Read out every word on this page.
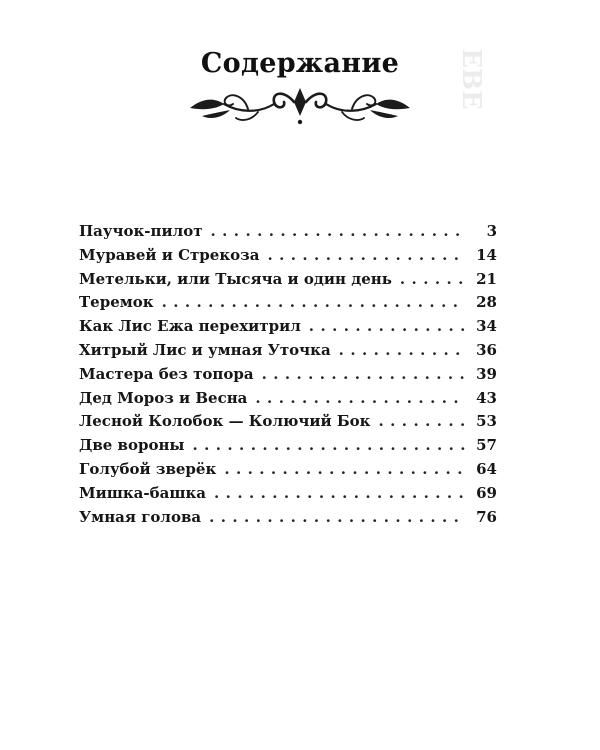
ЕВЕ
Содержание
Паучок-пилот . . .	3
Муравей и Стрекоза . . .	14
Метельки, или Тысяча и один день . . .	21
Теремок . . .	28
Как Лис Ежа перехитрил . . .	34
Хитрый Лис и умная Уточка . . .	36
Мастера без топора . . .	39
Дед Мороз и Весна . . .	43
Лесной Колобок — Колючий Бок . . .	53
Две вороны . . .	57
Голубой зверёк . . .	64
Мишка-башка . . .	69
Умная голова . . .	76
